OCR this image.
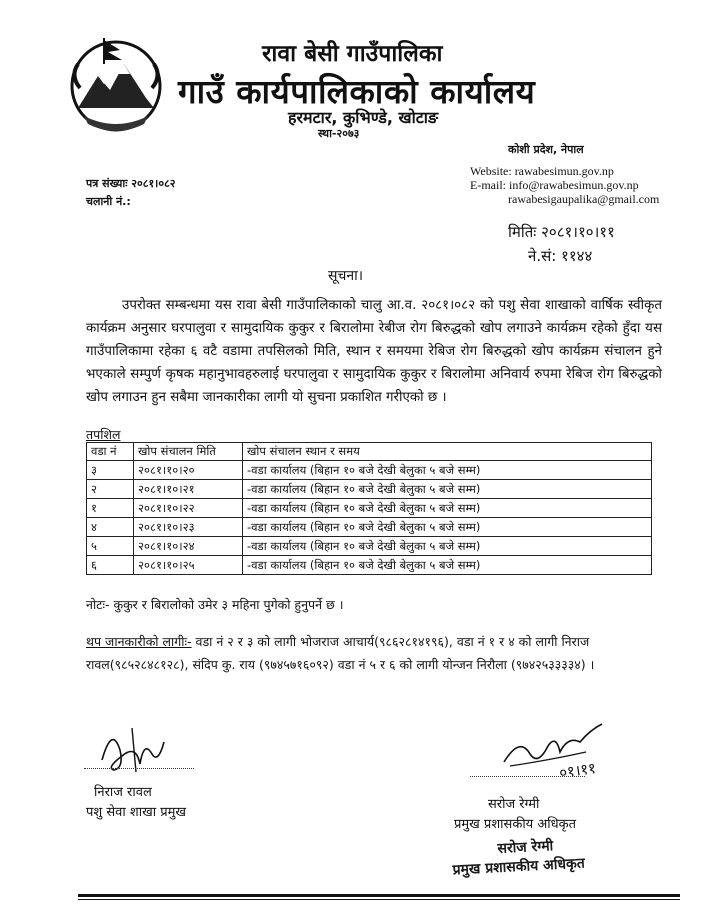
रावा बेसी गाउँपालिका
गाउँ कार्यपालिकाको कार्यालय
हरमटार, कुभिण्डे, खोटाङ
स्था-२०७३
कोशी प्रदेश, नेपाल
Website: rawabesimun.gov.np
E-mail: info@rawabesimun.gov.np
rawabesigaupalika@gmail.com
पत्र संख्याः २०८१।०८२
चलानी नं.:
मितिः २०८१।१०।११
ने.सं: ११४४
सूचना।
उपरोक्त सम्बन्धमा यस रावा बेसी गाउँपालिकाको चालु आ.व. २०८१।०८२ को पशु सेवा शाखाको वार्षिक स्वीकृत कार्यक्रम अनुसार घरपालुवा र सामुदायिक कुकुर र बिरालोमा रेबीज रोग बिरुद्धको खोप लगाउने कार्यक्रम रहेको हुँदा यस गाउँपालिकामा रहेका ६ वटै वडामा तपसिलको मिति, स्थान र समयमा रेबिज रोग बिरुद्धको खोप कार्यक्रम संचालन हुने भएकाले सम्पुर्ण कृषक महानुभावहरुलाई घरपालुवा र सामुदायिक कुकुर र बिरालोमा अनिवार्य रुपमा रेबिज रोग बिरुद्धको खोप लगाउन हुन सबैमा जानकारीका लागी यो सुचना प्रकाशित गरीएको छ ।
तपशिल
वडा नं	खोप संचालन मिति	खोप संचालन स्थान र समय
३	२०८१।१०।२०	-वडा कार्यालय (बिहान १० बजे देखी बेलुका ५ बजे सम्म)
२	२०८१।१०।२१	-वडा कार्यालय (बिहान १० बजे देखी बेलुका ५ बजे सम्म)
१	२०८१।१०।२२	-वडा कार्यालय (बिहान १० बजे देखी बेलुका ५ बजे सम्म)
४	२०८१।१०।२३	-वडा कार्यालय (बिहान १० बजे देखी बेलुका ५ बजे सम्म)
५	२०८१।१०।२४	-वडा कार्यालय (बिहान १० बजे देखी बेलुका ५ बजे सम्म)
६	२०८१।१०।२५	-वडा कार्यालय (बिहान १० बजे देखी बेलुका ५ बजे सम्म)
नोटः- कुकुर र बिरालोको उमेर ३ महिना पुगेको हुनुपर्ने छ ।
थप जानकारीको लागीः- वडा नं २ र ३ को लागी भोजराज आचार्य(९८६२८१४१९६), वडा नं १ र ४ को लागी निराज रावल(९८५२८४८१२८), संदिप कु. राय (९७४५७१६०९२) वडा नं ५ र ६ को लागी योन्जन निरौला (९७४२५३३३३४) ।
निराज रावल
पशु सेवा शाखा प्रमुख
०१।११
सरोज रेग्मी
प्रमुख प्रशासकीय अधिकृत
सरोज रेग्मी
प्रमुख प्रशासकीय अधिकृत
